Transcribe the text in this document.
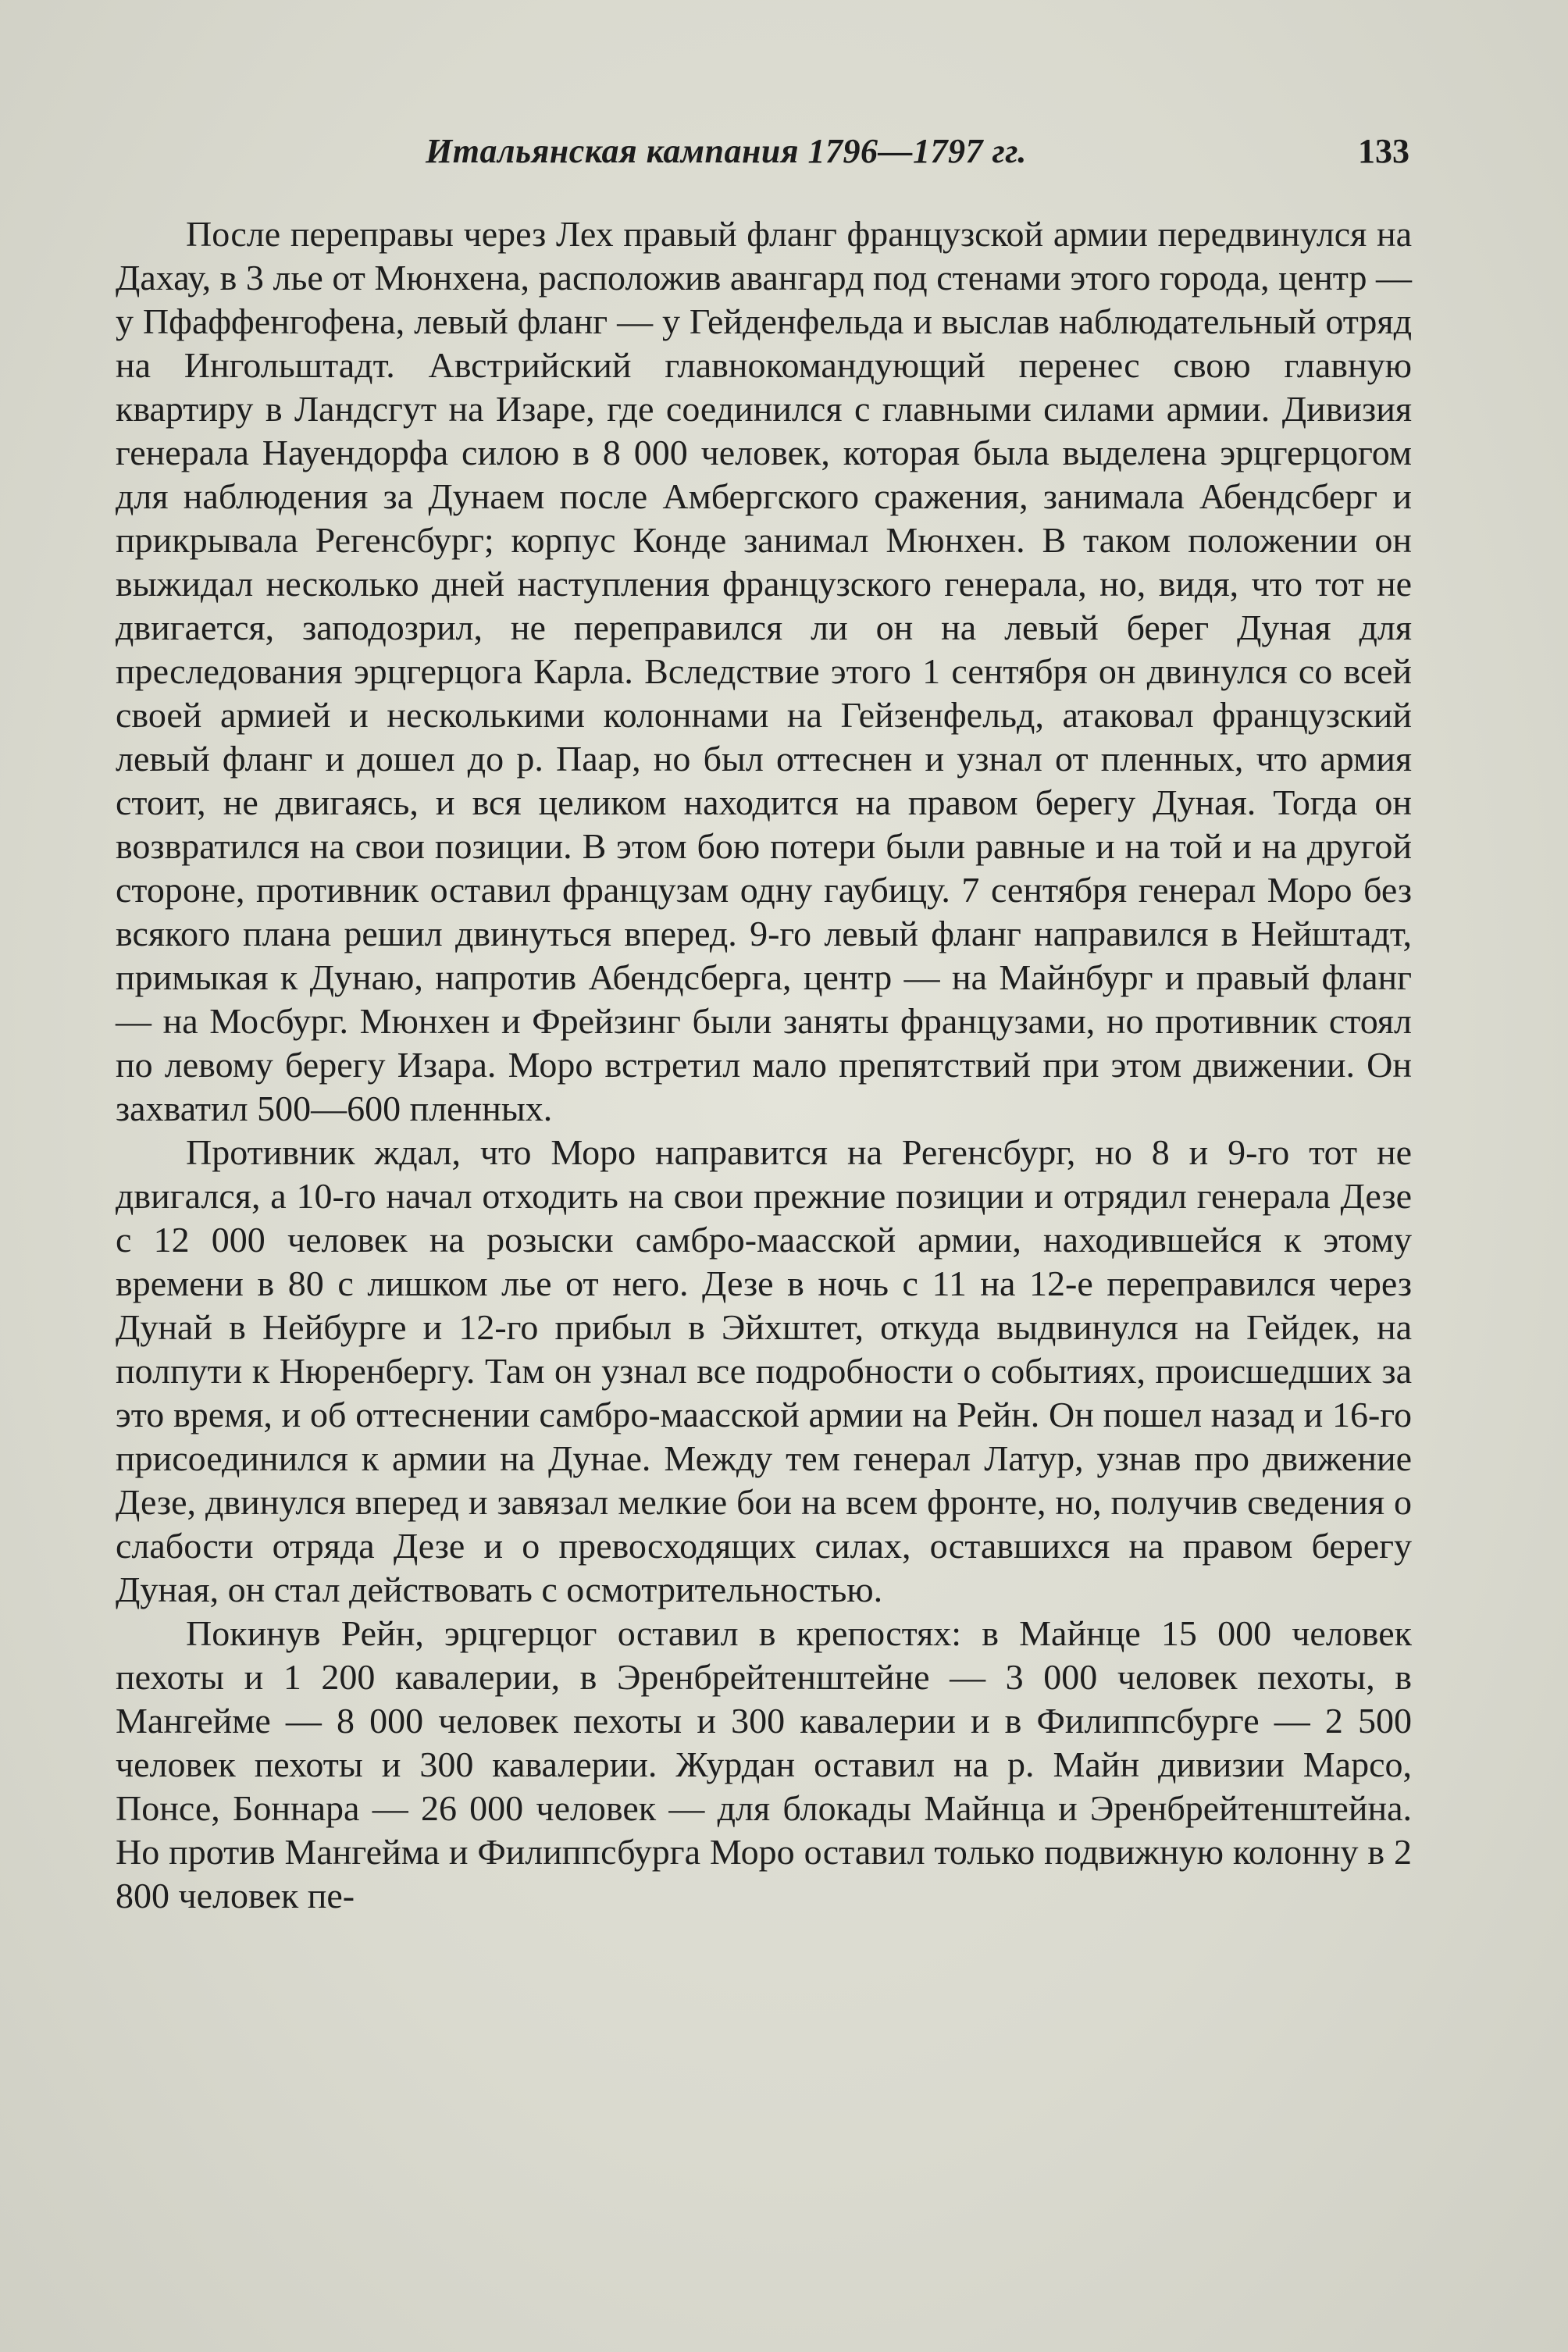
Итальянская кампания 1796—1797 гг.	133

После переправы через Лех правый фланг французской армии передвинулся на Дахау, в 3 лье от Мюнхена, расположив авангард под стенами этого города, центр — у Пфаффенгофена, левый фланг — у Гейденфельда и выслав наблюдательный отряд на Ингольштадт. Австрийский главнокомандующий перенес свою главную квартиру в Ландсгут на Изаре, где соединился с главными силами армии. Дивизия генерала Науендорфа силою в 8 000 человек, которая была выделена эрцгерцогом для наблюдения за Дунаем после Амбергского сражения, занимала Абендсберг и прикрывала Регенсбург; корпус Конде занимал Мюнхен. В таком положении он выжидал несколько дней наступления французского генерала, но, видя, что тот не двигается, заподозрил, не переправился ли он на левый берег Дуная для преследования эрцгерцога Карла. Вследствие этого 1 сентября он двинулся со всей своей армией и несколькими колоннами на Гейзенфельд, атаковал французский левый фланг и дошел до р. Паар, но был оттеснен и узнал от пленных, что армия стоит, не двигаясь, и вся целиком находится на правом берегу Дуная. Тогда он возвратился на свои позиции. В этом бою потери были равные и на той и на другой стороне, противник оставил французам одну гаубицу. 7 сентября генерал Моро без всякого плана решил двинуться вперед. 9-го левый фланг направился в Нейштадт, примыкая к Дунаю, напротив Абендсберга, центр — на Майнбург и правый фланг — на Мосбург. Мюнхен и Фрейзинг были заняты французами, но противник стоял по левому берегу Изара. Моро встретил мало препятствий при этом движении. Он захватил 500—600 пленных.

Противник ждал, что Моро направится на Регенсбург, но 8 и 9-го тот не двигался, а 10-го начал отходить на свои прежние позиции и отрядил генерала Дезе с 12 000 человек на розыски самбро-маасской армии, находившейся к этому времени в 80 с лишком лье от него. Дезе в ночь с 11 на 12-е переправился через Дунай в Нейбурге и 12-го прибыл в Эйхштет, откуда выдвинулся на Гейдек, на полпути к Нюренбергу. Там он узнал все подробности о событиях, происшедших за это время, и об оттеснении самбро-маасской армии на Рейн. Он пошел назад и 16-го присоединился к армии на Дунае. Между тем генерал Латур, узнав про движение Дезе, двинулся вперед и завязал мелкие бои на всем фронте, но, получив сведения о слабости отряда Дезе и о превосходящих силах, оставшихся на правом берегу Дуная, он стал действовать с осмотрительностью.

Покинув Рейн, эрцгерцог оставил в крепостях: в Майнце 15 000 человек пехоты и 1 200 кавалерии, в Эренбрейтенштейне — 3 000 человек пехоты, в Мангейме — 8 000 человек пехоты и 300 кавалерии и в Филиппсбурге — 2 500 человек пехоты и 300 кавалерии. Журдан оставил на р. Майн дивизии Марсо, Понсе, Боннара — 26 000 человек — для блокады Майнца и Эренбрейтенштейна. Но против Мангейма и Филиппсбурга Моро оставил только подвижную колонну в 2 800 человек пе-
